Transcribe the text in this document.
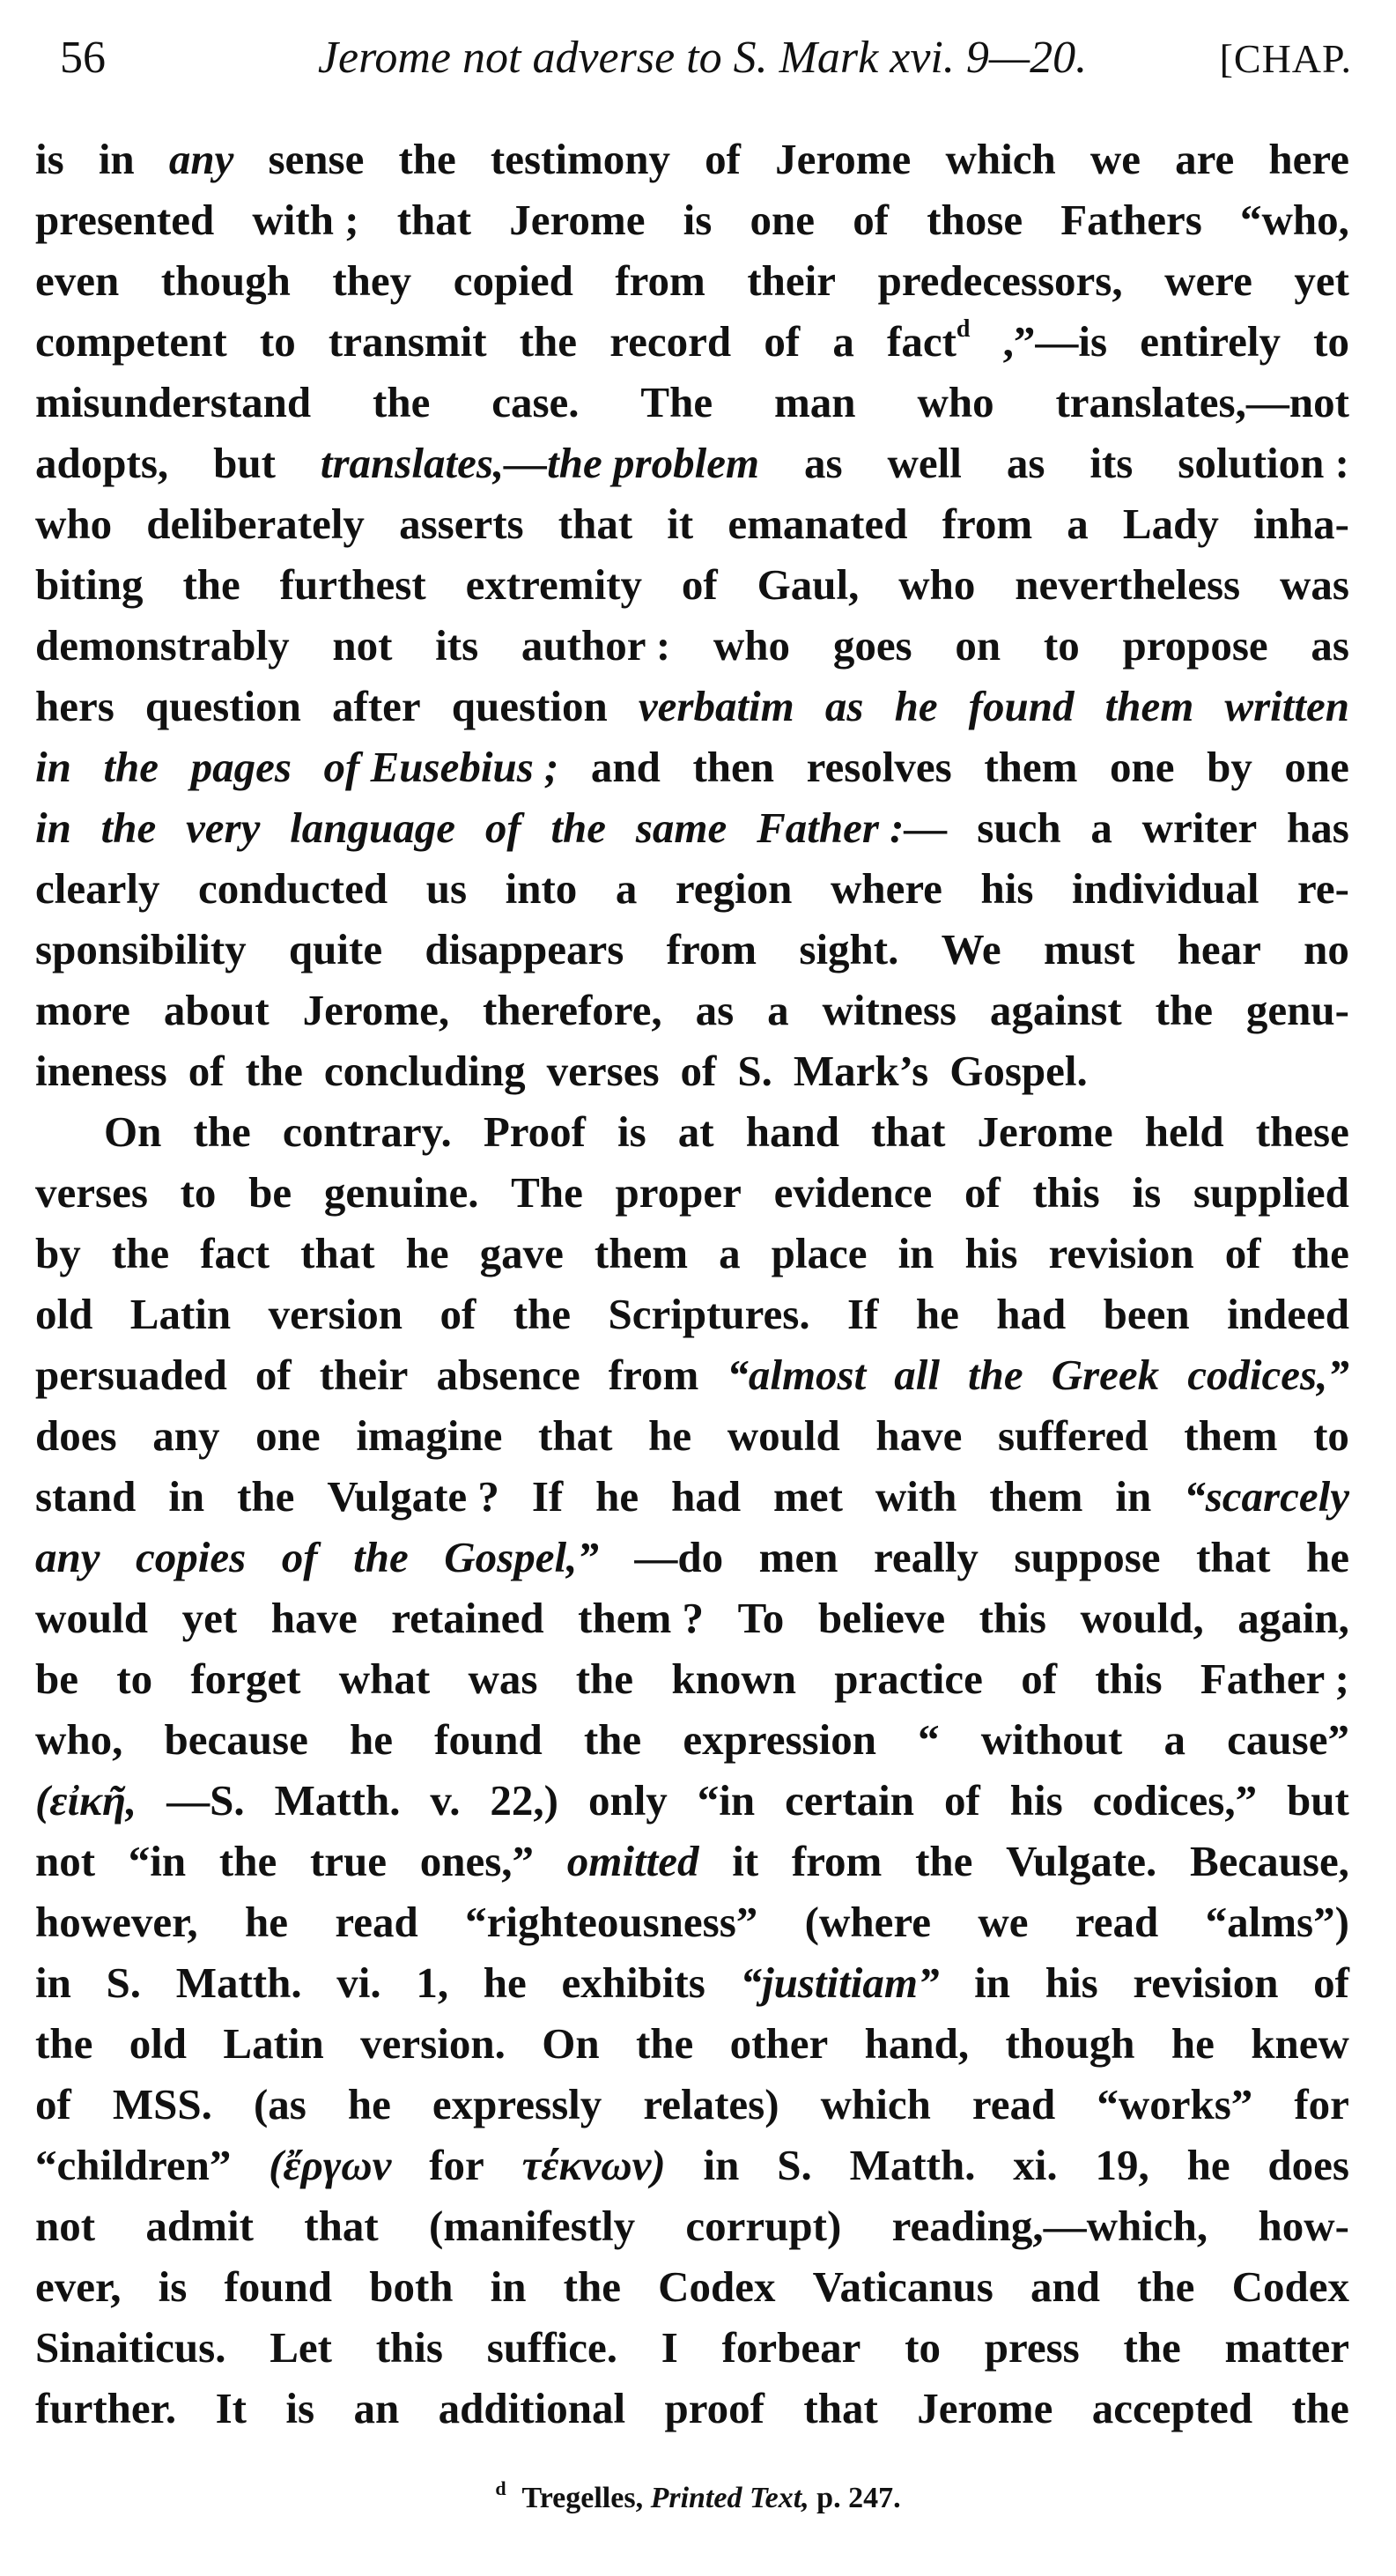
56	Jerome not adverse to S. Mark xvi. 9—20.	[CHAP.
is in any sense the testimony of Jerome which we are here
presented with ; that Jerome is one of those Fathers “who,
even though they copied from their predecessors, were yet
competent to transmit the record of a fact$^d$ ,”—is entirely to
misunderstand the case. The man who translates,—not
adopts, but translates,—the problem as well as its solution :
who deliberately asserts that it emanated from a Lady inha-
biting the furthest extremity of Gaul, who nevertheless was
demonstrably not its author : who goes on to propose as
hers question after question verbatim as he found them written
in the pages of Eusebius ; and then resolves them one by one
in the very language of the same Father :— such a writer has
clearly conducted us into a region where his individual re-
sponsibility quite disappears from sight. We must hear no
more about Jerome, therefore, as a witness against the genu-
ineness of the concluding verses of S. Mark’s Gospel.
On the contrary. Proof is at hand that Jerome held these
verses to be genuine. The proper evidence of this is supplied
by the fact that he gave them a place in his revision of the
old Latin version of the Scriptures. If he had been indeed
persuaded of their absence from “almost all the Greek codices,”
does any one imagine that he would have suffered them to
stand in the Vulgate ? If he had met with them in “scarcely
any copies of the Gospel,” —do men really suppose that he
would yet have retained them ? To believe this would, again,
be to forget what was the known practice of this Father ;
who, because he found the expression “ without a cause”
(εἰκῆ, —S. Matth. v. 22,) only “in certain of his codices,” but
not “in the true ones,” omitted it from the Vulgate. Because,
however, he read “righteousness” (where we read “alms”)
in S. Matth. vi. 1, he exhibits “justitiam” in his revision of
the old Latin version. On the other hand, though he knew
of MSS. (as he expressly relates) which read “works” for
“children” (ἔργων for τέκνων) in S. Matth. xi. 19, he does
not admit that (manifestly corrupt) reading,—which, how-
ever, is found both in the Codex Vaticanus and the Codex
Sinaiticus. Let this suffice. I forbear to press the matter
further. It is an additional proof that Jerome accepted the
$^d$ Tregelles, Printed Text, p. 247.
